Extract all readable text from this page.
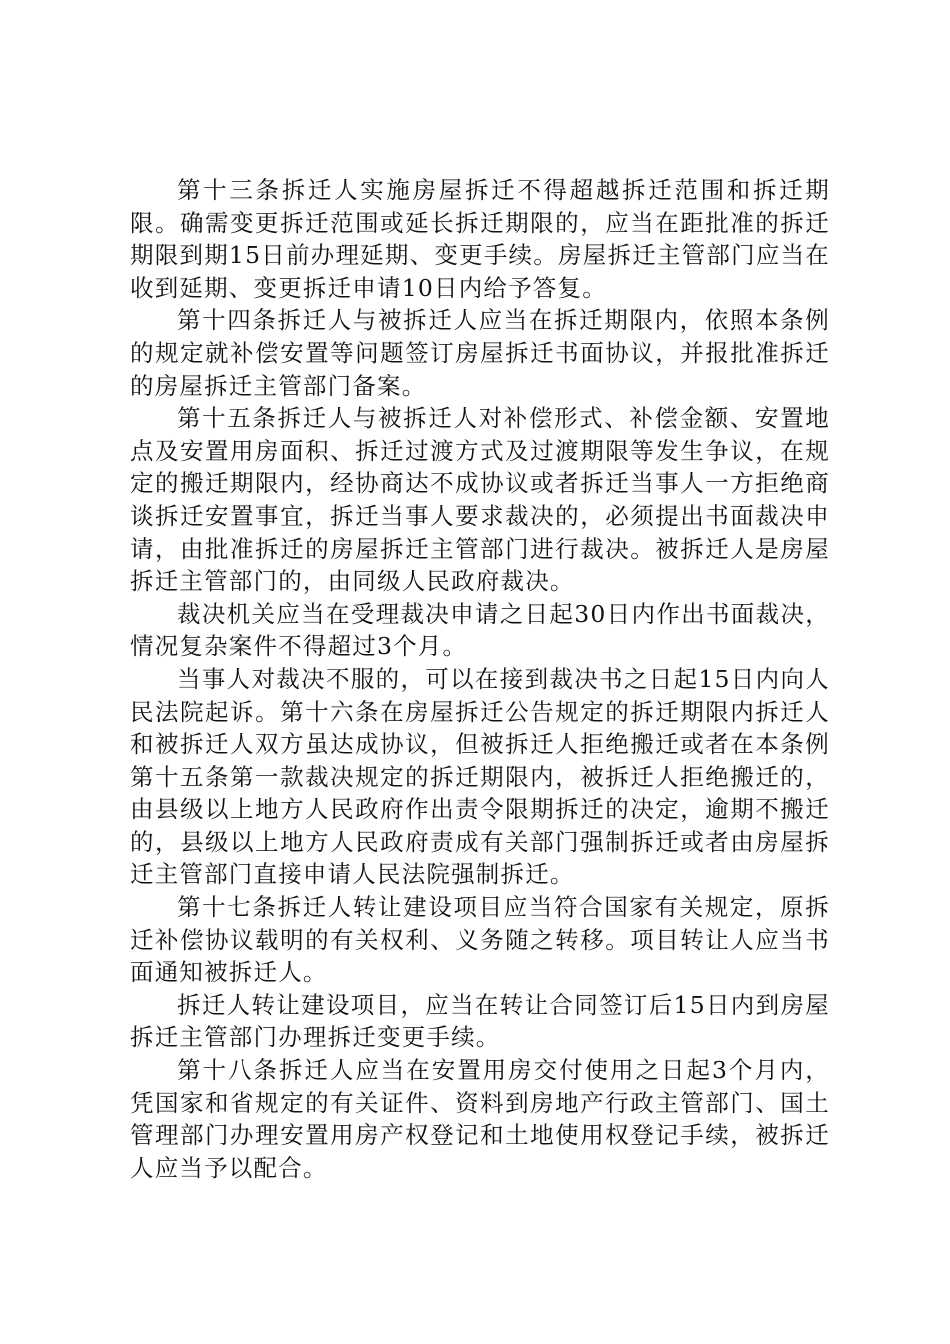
第十三条拆迁人实施房屋拆迁不得超越拆迁范围和拆迁期限。确需变更拆迁范围或延长拆迁期限的，应当在距批准的拆迁期限到期15日前办理延期、变更手续。房屋拆迁主管部门应当在收到延期、变更拆迁申请10日内给予答复。

第十四条拆迁人与被拆迁人应当在拆迁期限内，依照本条例的规定就补偿安置等问题签订房屋拆迁书面协议，并报批准拆迁的房屋拆迁主管部门备案。

第十五条拆迁人与被拆迁人对补偿形式、补偿金额、安置地点及安置用房面积、拆迁过渡方式及过渡期限等发生争议，在规定的搬迁期限内，经协商达不成协议或者拆迁当事人一方拒绝商谈拆迁安置事宜，拆迁当事人要求裁决的，必须提出书面裁决申请，由批准拆迁的房屋拆迁主管部门进行裁决。被拆迁人是房屋拆迁主管部门的，由同级人民政府裁决。

裁决机关应当在受理裁决申请之日起30日内作出书面裁决，情况复杂案件不得超过3个月。

当事人对裁决不服的，可以在接到裁决书之日起15日内向人民法院起诉。第十六条在房屋拆迁公告规定的拆迁期限内拆迁人和被拆迁人双方虽达成协议，但被拆迁人拒绝搬迁或者在本条例第十五条第一款裁决规定的拆迁期限内，被拆迁人拒绝搬迁的，由县级以上地方人民政府作出责令限期拆迁的决定，逾期不搬迁的，县级以上地方人民政府责成有关部门强制拆迁或者由房屋拆迁主管部门直接申请人民法院强制拆迁。

第十七条拆迁人转让建设项目应当符合国家有关规定，原拆迁补偿协议载明的有关权利、义务随之转移。项目转让人应当书面通知被拆迁人。

拆迁人转让建设项目，应当在转让合同签订后15日内到房屋拆迁主管部门办理拆迁变更手续。

第十八条拆迁人应当在安置用房交付使用之日起3个月内，凭国家和省规定的有关证件、资料到房地产行政主管部门、国土管理部门办理安置用房产权登记和土地使用权登记手续，被拆迁人应当予以配合。
